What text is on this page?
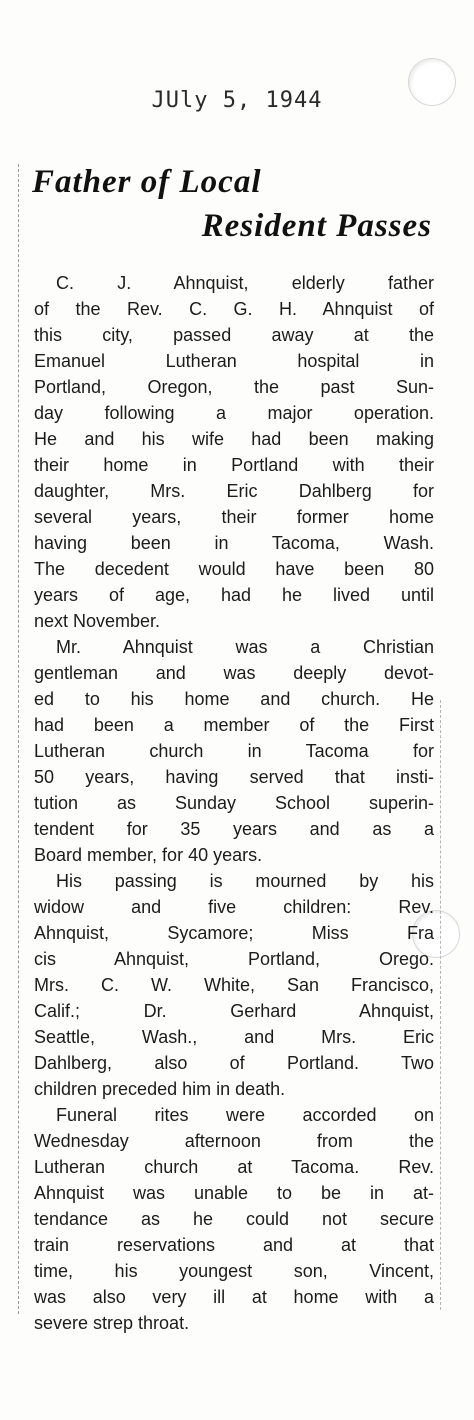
JUly 5, 1944
Father of Local
Resident Passes
C. J. Ahnquist, elderly father
of the Rev. C. G. H. Ahnquist of
this city, passed away at the
Emanuel Lutheran hospital in
Portland, Oregon, the past Sun-
day following a major operation.
He and his wife had been making
their home in Portland with their
daughter, Mrs. Eric Dahlberg for
several years, their former home
having been in Tacoma, Wash.
The decedent would have been 80
years of age, had he lived until
next November.
Mr. Ahnquist was a Christian
gentleman and was deeply devot-
ed to his home and church. He
had been a member of the First
Lutheran church in Tacoma for
50 years, having served that insti-
tution as Sunday School superin-
tendent for 35 years and as a
Board member, for 40 years.
His passing is mourned by his
widow and five children: Rev.
Ahnquist, Sycamore; Miss Fra
cis Ahnquist, Portland, Orego.
Mrs. C. W. White, San Francisco,
Calif.; Dr. Gerhard Ahnquist,
Seattle, Wash., and Mrs. Eric
Dahlberg, also of Portland. Two
children preceded him in death.
Funeral rites were accorded on
Wednesday afternoon from the
Lutheran church at Tacoma. Rev.
Ahnquist was unable to be in at-
tendance as he could not secure
train reservations and at that
time, his youngest son, Vincent,
was also very ill at home with a
severe strep throat.
